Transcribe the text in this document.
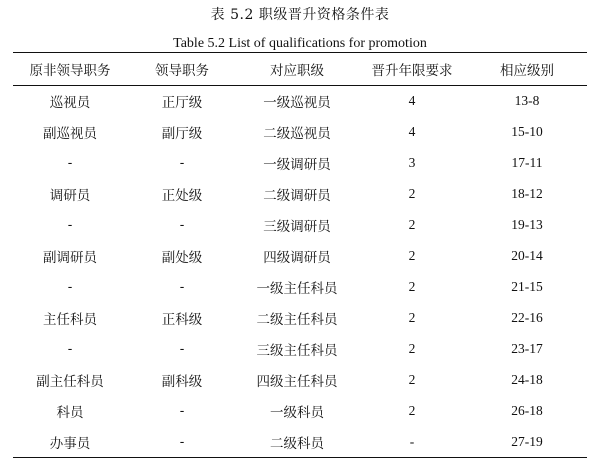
表 5.2 职级晋升资格条件表
Table 5.2 List of qualifications for promotion
原非领导职务	领导职务	对应职级	晋升年限要求	相应级别
巡视员	正厅级	一级巡视员	4	13-8
副巡视员	副厅级	二级巡视员	4	15-10
-	-	一级调研员	3	17-11
调研员	正处级	二级调研员	2	18-12
-	-	三级调研员	2	19-13
副调研员	副处级	四级调研员	2	20-14
-	-	一级主任科员	2	21-15
主任科员	正科级	二级主任科员	2	22-16
-	-	三级主任科员	2	23-17
副主任科员	副科级	四级主任科员	2	24-18
科员	-	一级科员	2	26-18
办事员	-	二级科员	-	27-19
